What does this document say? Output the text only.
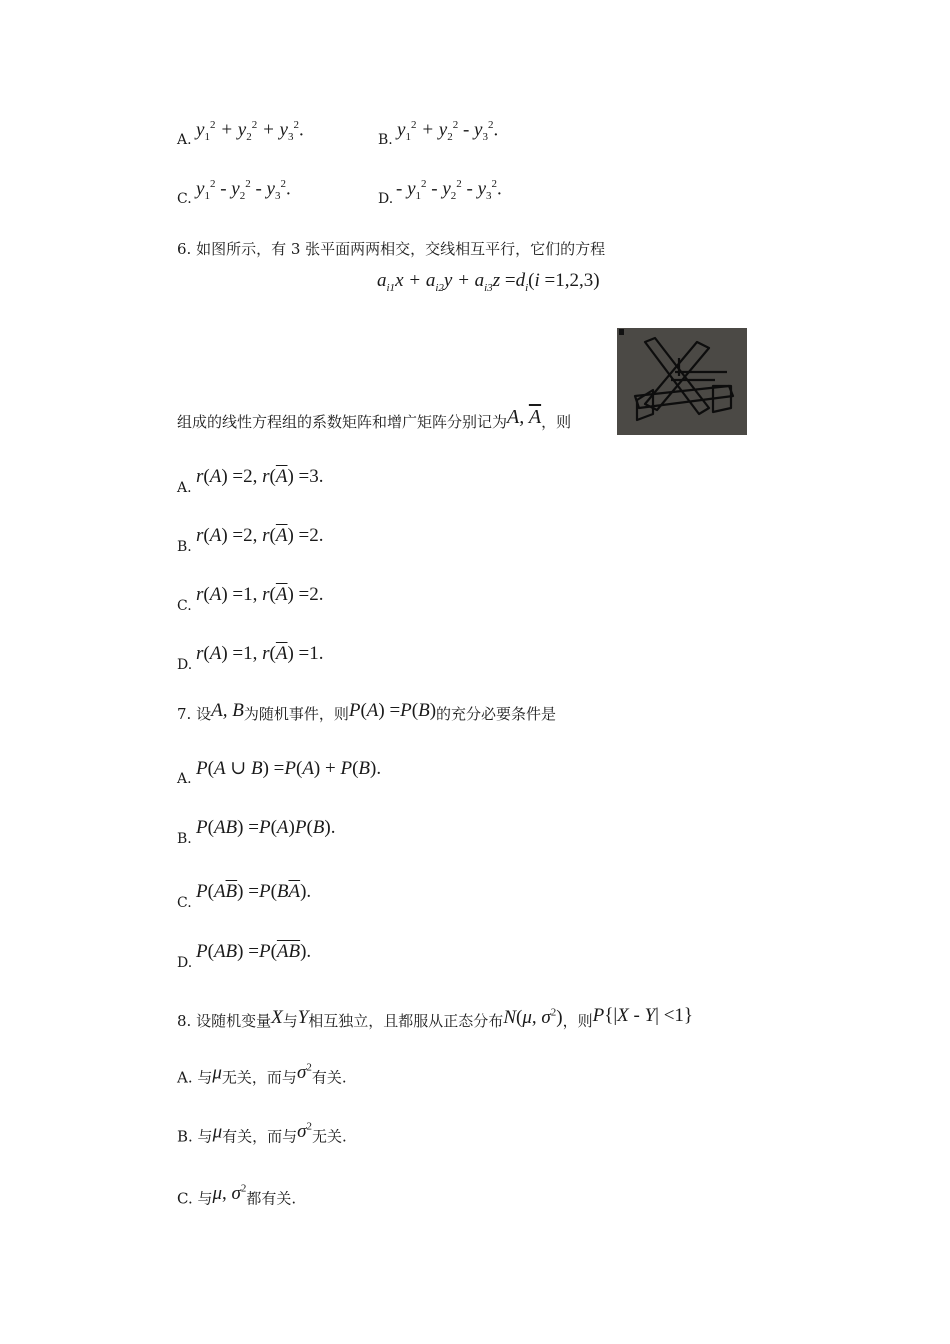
A. $y_1^2 + y_2^2 + y_3^2$.	B. $y_1^2 + y_2^2 - y_3^2$.
C. $y_1^2 - y_2^2 - y_3^2$.	D. - $y_1^2 - y_2^2 - y_3^2$.
6. 如图所示，有 3 张平面两两相交，交线相互平行，它们的方程
$a_{i1}x + a_{i2}y + a_{i3}z =d_i(i =1,2,3)$
组成的线性方程组的系数矩阵和增广矩阵分别记为A, $\overline{A}$，则
A.
r(A) =2, $r(\overline{A}) =3$.
B.
r(A) =2, $r(\overline{A}) =2$.
C.
r(A) =1, $r(\overline{A}) =2$.
D.
r(A) =1, $r(\overline{A}) =1$.
7. 设A, B为随机事件，则P(A) =P(B)的充分必要条件是
A. P(A ∪ B) =P(A) + P(B).
B.
P(AB) =P(A)P(B).
C.
$P(A\overline{B}) =P(B\overline{A})$.
D.
$P(AB) =P(\overline{AB})$.
8. 设随机变量X与Y相互独立，且都服从正态分布N(μ, $\sigma^2$)，则P{|X - Y| <1}
A. 与μ无关，而与$\sigma^2$有关.
B. 与μ有关，而与$\sigma^2$无关.
C. 与μ, $\sigma^2$都有关.
